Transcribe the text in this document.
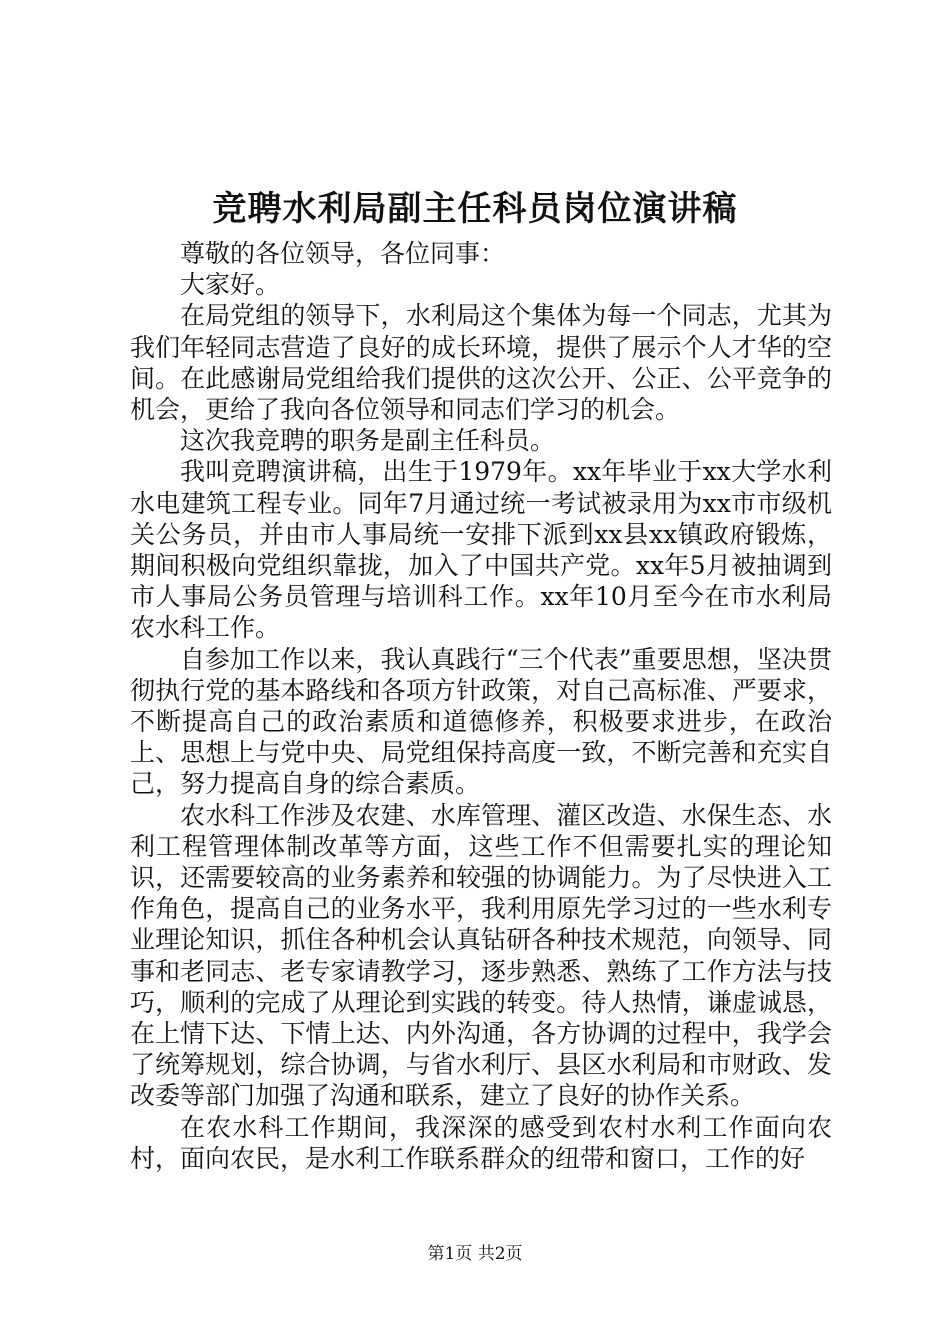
竞聘水利局副主任科员岗位演讲稿

尊敬的各位领导，各位同事：

大家好。

在局党组的领导下，水利局这个集体为每一个同志，尤其为我们年轻同志营造了良好的成长环境，提供了展示个人才华的空间。在此感谢局党组给我们提供的这次公开、公正、公平竞争的机会，更给了我向各位领导和同志们学习的机会。

这次我竞聘的职务是副主任科员。

我叫竞聘演讲稿，出生于1979年。xx年毕业于xx大学水利水电建筑工程专业。同年7月通过统一考试被录用为xx市市级机关公务员，并由市人事局统一安排下派到xx县xx镇政府锻炼，期间积极向党组织靠拢，加入了中国共产党。xx年5月被抽调到市人事局公务员管理与培训科工作。xx年10月至今在市水利局农水科工作。

自参加工作以来，我认真践行“三个代表”重要思想，坚决贯彻执行党的基本路线和各项方针政策，对自己高标准、严要求，不断提高自己的政治素质和道德修养，积极要求进步，在政治上、思想上与党中央、局党组保持高度一致，不断完善和充实自己，努力提高自身的综合素质。

农水科工作涉及农建、水库管理、灌区改造、水保生态、水利工程管理体制改革等方面，这些工作不但需要扎实的理论知识，还需要较高的业务素养和较强的协调能力。为了尽快进入工作角色，提高自己的业务水平，我利用原先学习过的一些水利专业理论知识，抓住各种机会认真钻研各种技术规范，向领导、同事和老同志、老专家请教学习，逐步熟悉、熟练了工作方法与技巧，顺利的完成了从理论到实践的转变。待人热情，谦虚诚恳，在上情下达、下情上达、内外沟通，各方协调的过程中，我学会了统筹规划，综合协调，与省水利厅、县区水利局和市财政、发改委等部门加强了沟通和联系，建立了良好的协作关系。

在农水科工作期间，我深深的感受到农村水利工作面向农村，面向农民，是水利工作联系群众的纽带和窗口，工作的好

第1页 共2页
